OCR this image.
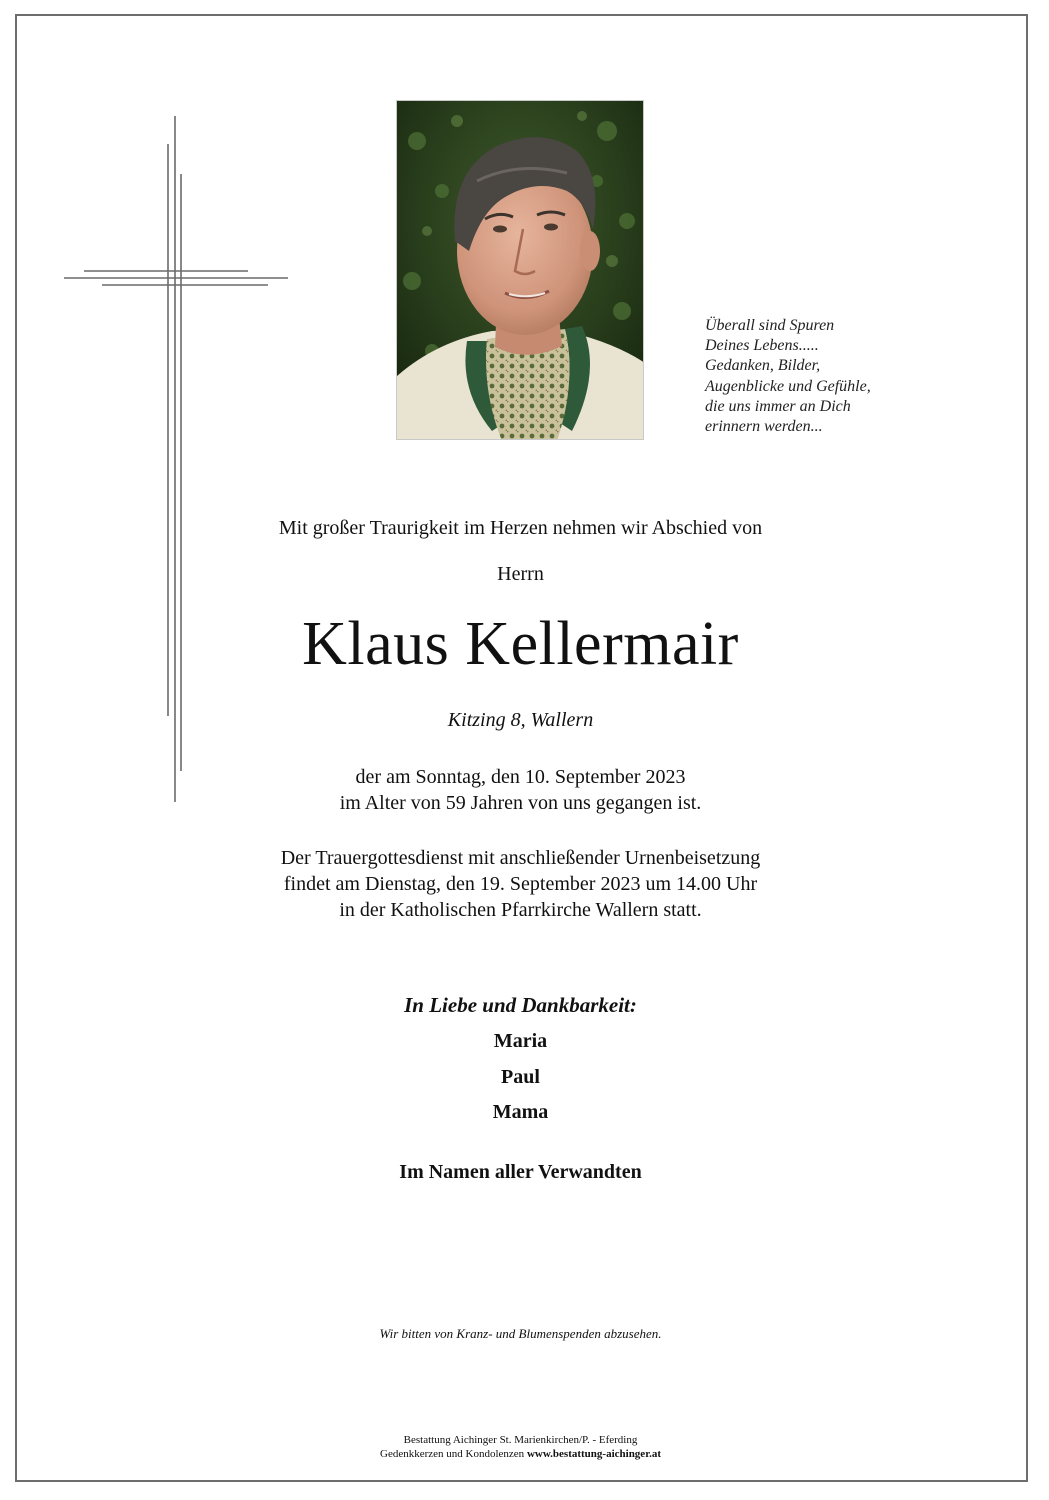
Überall sind Spuren
Deines Lebens.....
Gedanken, Bilder,
Augenblicke und Gefühle,
die uns immer an Dich
erinnern werden...
Mit großer Traurigkeit im Herzen nehmen wir Abschied von
Herrn
Klaus Kellermair
Kitzing 8, Wallern
der am Sonntag, den 10. September 2023
im Alter von 59 Jahren von uns gegangen ist.
Der Trauergottesdienst mit anschließender Urnenbeisetzung
findet am Dienstag, den 19. September 2023 um 14.00 Uhr
in der Katholischen Pfarrkirche Wallern statt.
In Liebe und Dankbarkeit:
Maria
Paul
Mama
Im Namen aller Verwandten
Wir bitten von Kranz- und Blumenspenden abzusehen.
Bestattung Aichinger St. Marienkirchen/P. - Eferding
Gedenkkerzen und Kondolenzen www.bestattung-aichinger.at
